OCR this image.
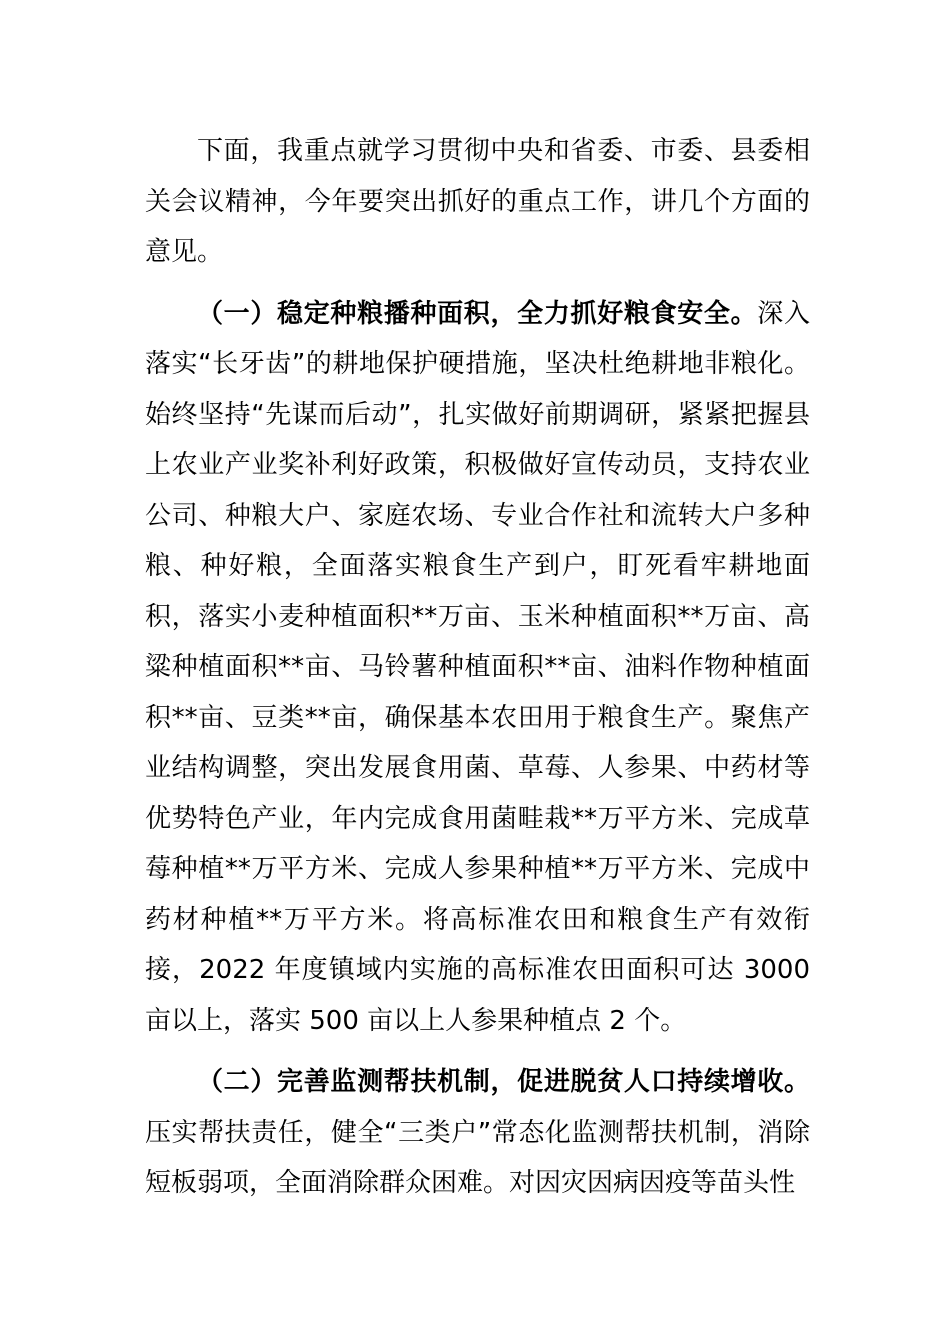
下面，我重点就学习贯彻中央和省委、市委、县委相关会议精神，今年要突出抓好的重点工作，讲几个方面的意见。

（一）稳定种粮播种面积，全力抓好粮食安全。深入落实“长牙齿”的耕地保护硬措施，坚决杜绝耕地非粮化。始终坚持“先谋而后动”，扎实做好前期调研，紧紧把握县上农业产业奖补利好政策，积极做好宣传动员，支持农业公司、种粮大户、家庭农场、专业合作社和流转大户多种粮、种好粮，全面落实粮食生产到户，盯死看牢耕地面积，落实小麦种植面积**万亩、玉米种植面积**万亩、高粱种植面积**亩、马铃薯种植面积**亩、油料作物种植面积**亩、豆类**亩，确保基本农田用于粮食生产。聚焦产业结构调整，突出发展食用菌、草莓、人参果、中药材等优势特色产业，年内完成食用菌畦栽**万平方米、完成草莓种植**万平方米、完成人参果种植**万平方米、完成中药材种植**万平方米。将高标准农田和粮食生产有效衔接，2022 年度镇域内实施的高标准农田面积可达 3000 亩以上，落实 500 亩以上人参果种植点 2 个。

（二）完善监测帮扶机制，促进脱贫人口持续增收。压实帮扶责任，健全“三类户”常态化监测帮扶机制，消除短板弱项，全面消除群众困难。对因灾因病因疫等苗头性
